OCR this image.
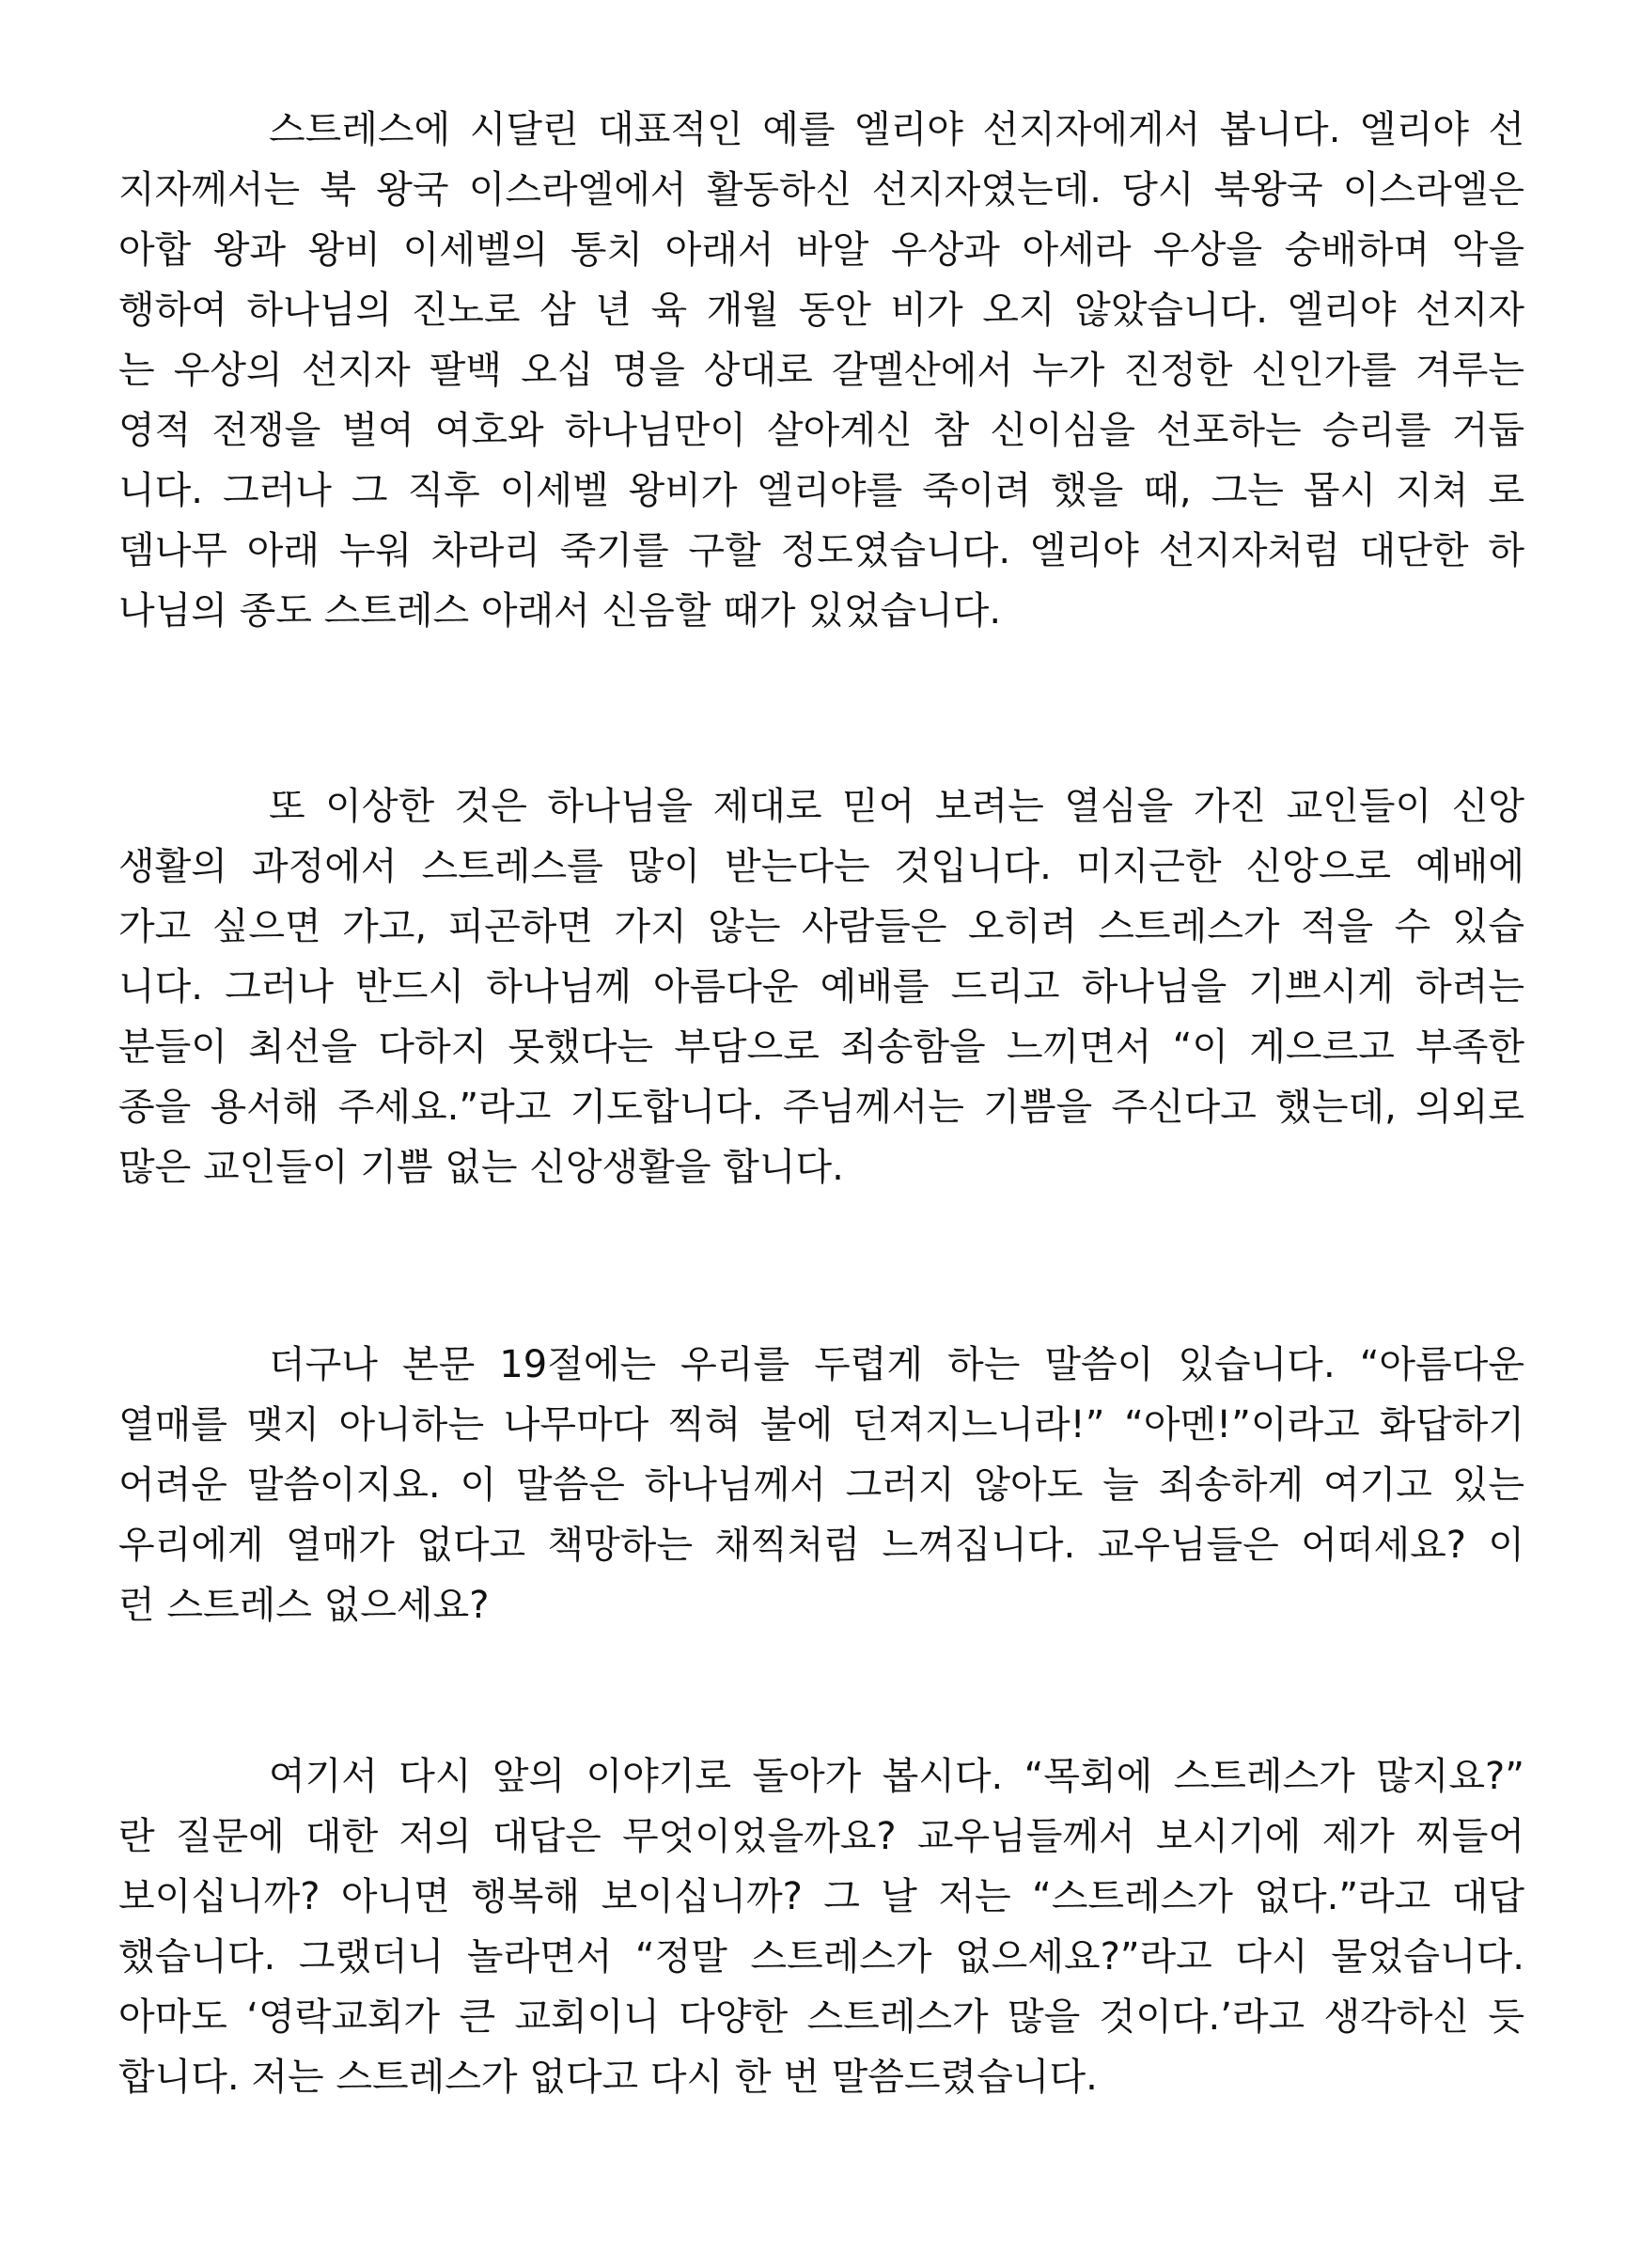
스트레스에 시달린 대표적인 예를 엘리야 선지자에게서 봅니다. 엘리야 선
지자께서는 북 왕국 이스라엘에서 활동하신 선지자였는데. 당시 북왕국 이스라엘은
아합 왕과 왕비 이세벨의 통치 아래서 바알 우상과 아세라 우상을 숭배하며 악을
행하여 하나님의 진노로 삼 년 육 개월 동안 비가 오지 않았습니다. 엘리야 선지자
는 우상의 선지자 팔백 오십 명을 상대로 갈멜산에서 누가 진정한 신인가를 겨루는
영적 전쟁을 벌여 여호와 하나님만이 살아계신 참 신이심을 선포하는 승리를 거둡
니다. 그러나 그 직후 이세벨 왕비가 엘리야를 죽이려 했을 때, 그는 몹시 지쳐 로
뎀나무 아래 누워 차라리 죽기를 구할 정도였습니다. 엘리야 선지자처럼 대단한 하
나님의 종도 스트레스 아래서 신음할 때가 있었습니다.

또 이상한 것은 하나님을 제대로 믿어 보려는 열심을 가진 교인들이 신앙
생활의 과정에서 스트레스를 많이 받는다는 것입니다. 미지근한 신앙으로 예배에
가고 싶으면 가고, 피곤하면 가지 않는 사람들은 오히려 스트레스가 적을 수 있습
니다. 그러나 반드시 하나님께 아름다운 예배를 드리고 하나님을 기쁘시게 하려는
분들이 최선을 다하지 못했다는 부담으로 죄송함을 느끼면서 “이 게으르고 부족한
종을 용서해 주세요.”라고 기도합니다. 주님께서는 기쁨을 주신다고 했는데, 의외로
많은 교인들이 기쁨 없는 신앙생활을 합니다.

더구나 본문 19절에는 우리를 두렵게 하는 말씀이 있습니다. “아름다운
열매를 맺지 아니하는 나무마다 찍혀 불에 던져지느니라!” “아멘!”이라고 화답하기
어려운 말씀이지요. 이 말씀은 하나님께서 그러지 않아도 늘 죄송하게 여기고 있는
우리에게 열매가 없다고 책망하는 채찍처럼 느껴집니다. 교우님들은 어떠세요? 이
런 스트레스 없으세요?

여기서 다시 앞의 이야기로 돌아가 봅시다. “목회에 스트레스가 많지요?”
란 질문에 대한 저의 대답은 무엇이었을까요? 교우님들께서 보시기에 제가 찌들어
보이십니까? 아니면 행복해 보이십니까? 그 날 저는 “스트레스가 없다.”라고 대답
했습니다. 그랬더니 놀라면서 “정말 스트레스가 없으세요?”라고 다시 물었습니다.
아마도 ‘영락교회가 큰 교회이니 다양한 스트레스가 많을 것이다.’라고 생각하신 듯
합니다. 저는 스트레스가 없다고 다시 한 번 말씀드렸습니다.
